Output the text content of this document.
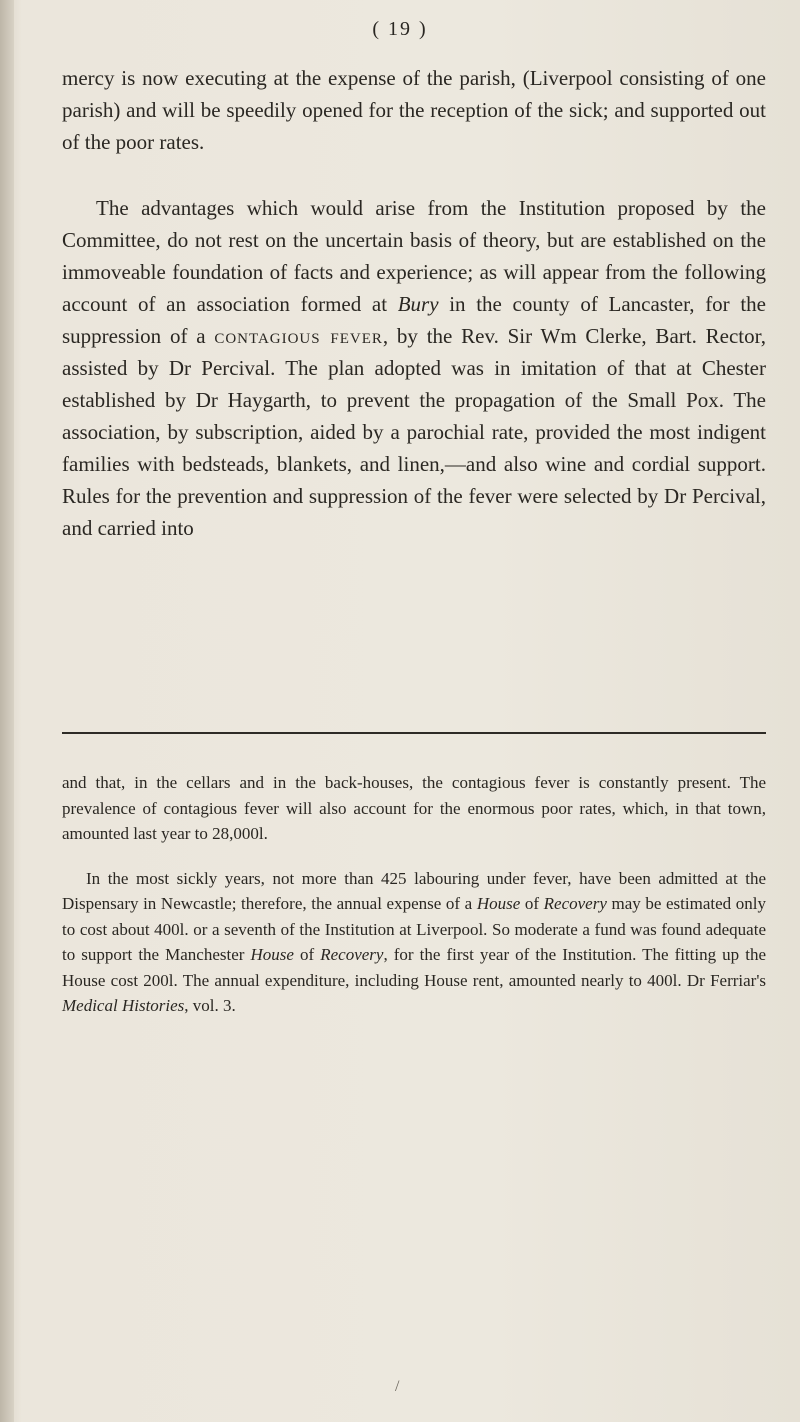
( 19 )

mercy is now executing at the expense of the parish, (Liverpool consisting of one parish) and will be speedily opened for the reception of the sick; and supported out of the poor rates.

The advantages which would arise from the Institution proposed by the Committee, do not rest on the uncertain basis of theory, but are established on the immoveable foundation of facts and experience; as will appear from the following account of an association formed at Bury in the county of Lancaster, for the suppression of a contagious fever, by the Rev. Sir Wm Clerke, Bart. Rector, assisted by Dr Percival. The plan adopted was in imitation of that at Chester established by Dr Haygarth, to prevent the propagation of the Small Pox. The association, by subscription, aided by a parochial rate, provided the most indigent families with bedsteads, blankets, and linen,—and also wine and cordial support. Rules for the prevention and suppression of the fever were selected by Dr Percival, and carried into

and that, in the cellars and in the back-houses, the contagious fever is constantly present. The prevalence of contagious fever will also account for the enormous poor rates, which, in that town, amounted last year to 28,000l.

In the most sickly years, not more than 425 labouring under fever, have been admitted at the Dispensary in Newcastle; therefore, the annual expense of a House of Recovery may be estimated only to cost about 400l. or a seventh of the Institution at Liverpool. So moderate a fund was found adequate to support the Manchester House of Recovery, for the first year of the Institution. The fitting up the House cost 200l. The annual expenditure, including House rent, amounted nearly to 400l. Dr Ferriar's Medical Histories, vol. 3.

/
